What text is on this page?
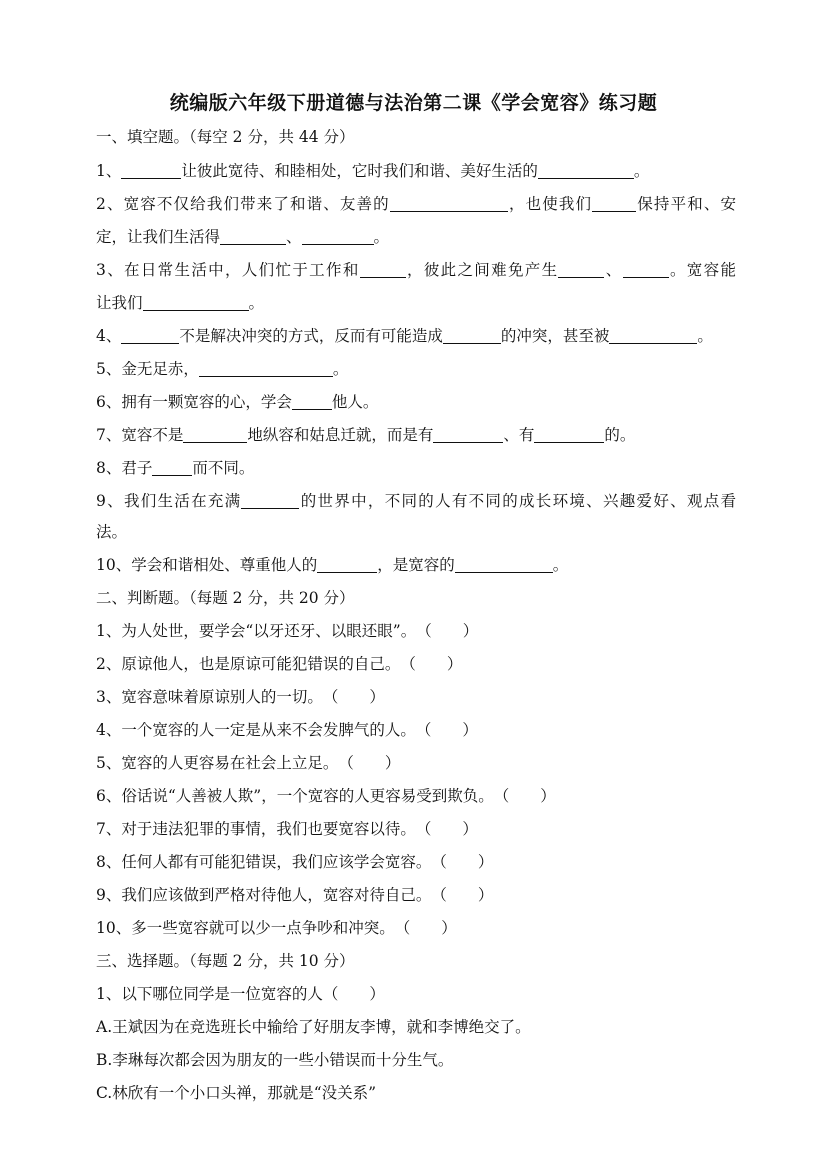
统编版六年级下册道德与法治第二课《学会宽容》练习题
一、填空题。（每空 2 分，共 44 分）
1、	让彼此宽待、和睦相处，它时我们和谐、美好生活的	。
2、宽容不仅给我们带来了和谐、友善的	，也使我们	保持平和、安
定，让我们生活得	、	。
3、在日常生活中，人们忙于工作和	，彼此之间难免产生	、	。宽容能
让我们	。
4、	不是解决冲突的方式，反而有可能造成	的冲突，甚至被	。
5、金无足赤，	。
6、拥有一颗宽容的心，学会	他人。
7、宽容不是	地纵容和姑息迁就，而是有	、有	的。
8、君子	而不同。
9、我们生活在充满	的世界中，不同的人有不同的成长环境、兴趣爱好、观点看
法。
10、学会和谐相处、尊重他人的	，是宽容的	。
二、判断题。（每题 2 分，共 20 分）
1、为人处世，要学会“以牙还牙、以眼还眼”。（　　）
2、原谅他人，也是原谅可能犯错误的自己。（　　）
3、宽容意味着原谅别人的一切。（　　）
4、一个宽容的人一定是从来不会发脾气的人。（　　）
5、宽容的人更容易在社会上立足。（　　）
6、俗话说“人善被人欺”，一个宽容的人更容易受到欺负。（　　）
7、对于违法犯罪的事情，我们也要宽容以待。（　　）
8、任何人都有可能犯错误，我们应该学会宽容。（　　）
9、我们应该做到严格对待他人，宽容对待自己。（　　）
10、多一些宽容就可以少一点争吵和冲突。（　　）
三、选择题。（每题 2 分，共 10 分）
1、以下哪位同学是一位宽容的人（　　）
A.王斌因为在竞选班长中输给了好朋友李博，就和李博绝交了。
B.李琳每次都会因为朋友的一些小错误而十分生气。
C.林欣有一个小口头禅，那就是“没关系”
